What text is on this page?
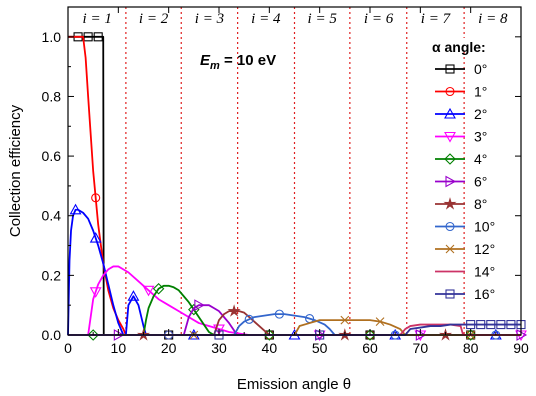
i = 1 i = 2 i = 3 i = 4 i = 5 i = 6 i = 7 i = 8
0	10 20 30 40 50 60 70 80 90
0.0
0.2
0.4
0.6
0.8
1.0
Emission angle θ
Collection efficiency
$E_m = 10$ eV
α angle:
0°
1°
2°
3°
4°
6°
8°
10°
12°
14°
16°
